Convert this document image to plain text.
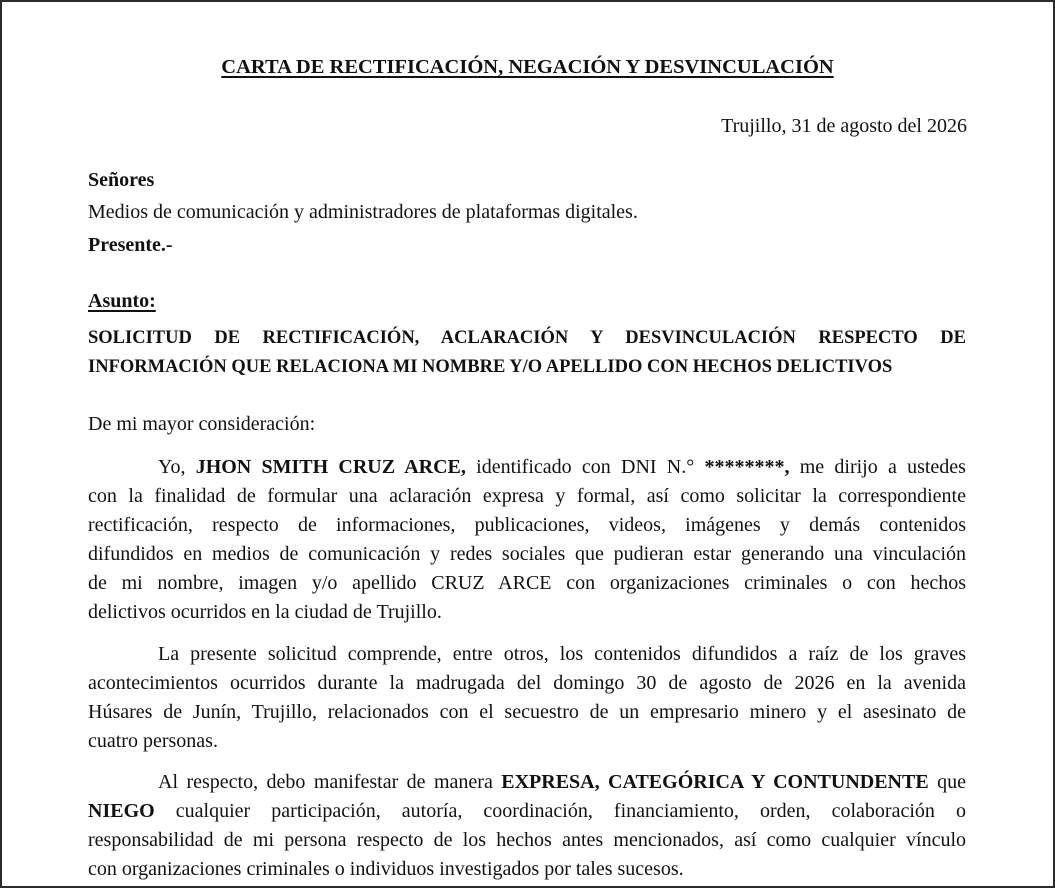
CARTA DE RECTIFICACIÓN, NEGACIÓN Y DESVINCULACIÓN
Trujillo, 31 de agosto del 2026
Señores
Medios de comunicación y administradores de plataformas digitales.
Presente.-
Asunto:
SOLICITUD DE RECTIFICACIÓN, ACLARACIÓN Y DESVINCULACIÓN RESPECTO DE
INFORMACIÓN QUE RELACIONA MI NOMBRE Y/O APELLIDO CON HECHOS DELICTIVOS
De mi mayor consideración:
Yo, JHON SMITH CRUZ ARCE, identificado con DNI N.° ********, me dirijo a ustedes
con la finalidad de formular una aclaración expresa y formal, así como solicitar la correspondiente
rectificación, respecto de informaciones, publicaciones, videos, imágenes y demás contenidos
difundidos en medios de comunicación y redes sociales que pudieran estar generando una vinculación
de mi nombre, imagen y/o apellido CRUZ ARCE con organizaciones criminales o con hechos
delictivos ocurridos en la ciudad de Trujillo.
La presente solicitud comprende, entre otros, los contenidos difundidos a raíz de los graves
acontecimientos ocurridos durante la madrugada del domingo 30 de agosto de 2026 en la avenida
Húsares de Junín, Trujillo, relacionados con el secuestro de un empresario minero y el asesinato de
cuatro personas.
Al respecto, debo manifestar de manera EXPRESA, CATEGÓRICA Y CONTUNDENTE que
NIEGO cualquier participación, autoría, coordinación, financiamiento, orden, colaboración o
responsabilidad de mi persona respecto de los hechos antes mencionados, así como cualquier vínculo
con organizaciones criminales o individuos investigados por tales sucesos.
